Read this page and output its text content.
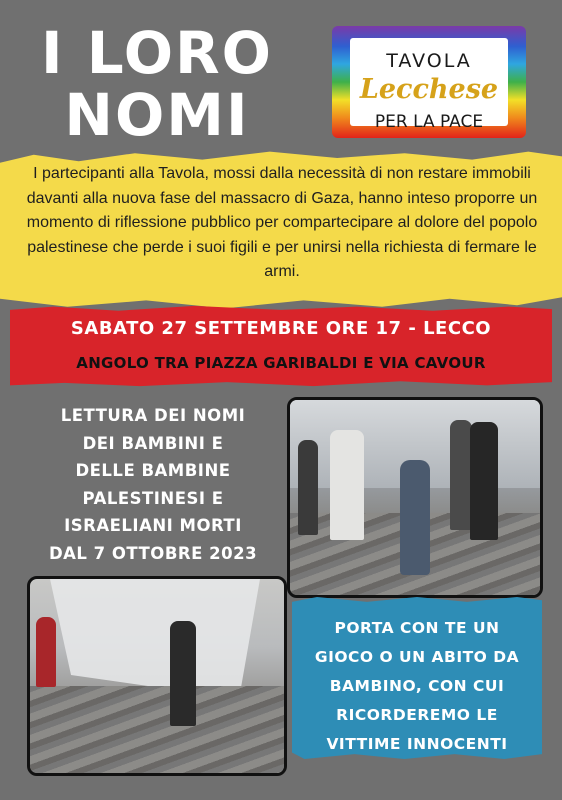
I LORO
NOMI
TAVOLA
Lecchese
PER LA PACE
I partecipanti alla Tavola, mossi dalla necessità di non restare immobili davanti alla nuova fase del massacro di Gaza, hanno inteso proporre un momento di riflessione pubblico per compartecipare al dolore del popolo palestinese che perde i suoi figili e per unirsi nella richiesta di fermare le armi.
SABATO 27 SETTEMBRE ORE 17 - LECCO
ANGOLO TRA PIAZZA GARIBALDI E VIA CAVOUR
LETTURA DEI NOMI
DEI BAMBINI E
DELLE BAMBINE
PALESTINESI E
ISRAELIANI MORTI
DAL 7 OTTOBRE 2023
PORTA CON TE UN
GIOCO O UN ABITO DA
BAMBINO, CON CUI
RICORDEREMO LE
VITTIME INNOCENTI
